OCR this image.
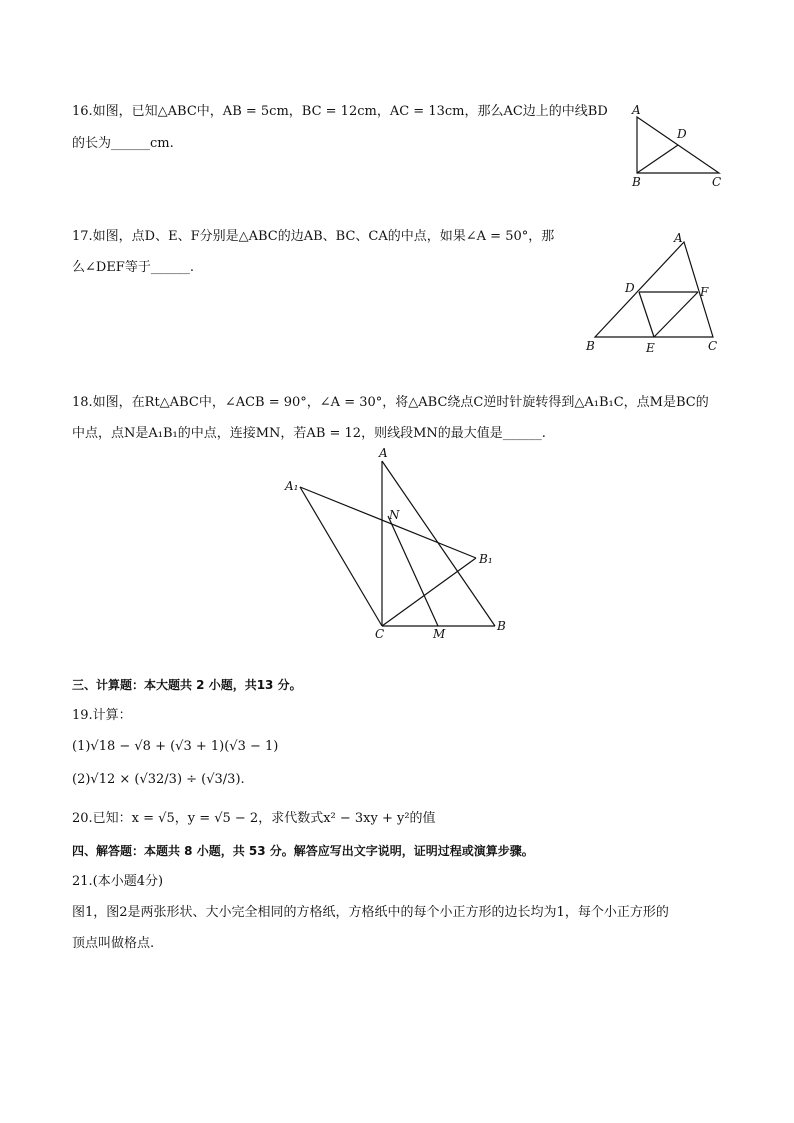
16.如图，已知△ABC中，AB = 5cm，BC = 12cm，AC = 13cm，那么AC边上的中线BD
的长为______cm.
A
D
B	C
17.如图，点D、E、F分别是△ABC的边AB、BC、CA的中点，如果∠A = 50°，那
么∠DEF等于______.
A
D	F
B	E	C
18.如图，在Rt△ABC中，∠ACB = 90°，∠A = 30°，将△ABC绕点C逆时针旋转得到△A₁B₁C，点M是BC的
中点，点N是A₁B₁的中点，连接MN，若AB = 12，则线段MN的最大值是______.
A
A₁
N
B₁
C	M
B
三、计算题：本大题共 2 小题，共13 分。
19.计算：
(1)√18 − √8 + (√3 + 1)(√3 − 1)
(2)√12 × (√32/3) ÷ (√3/3).
20.已知：x = √5，y = √5 − 2，求代数式x² − 3xy + y²的值
四、解答题：本题共 8 小题，共 53 分。解答应写出文字说明，证明过程或演算步骤。
21.(本小题4分)
图1，图2是两张形状、大小完全相同的方格纸，方格纸中的每个小正方形的边长均为1，每个小正方形的
顶点叫做格点.
